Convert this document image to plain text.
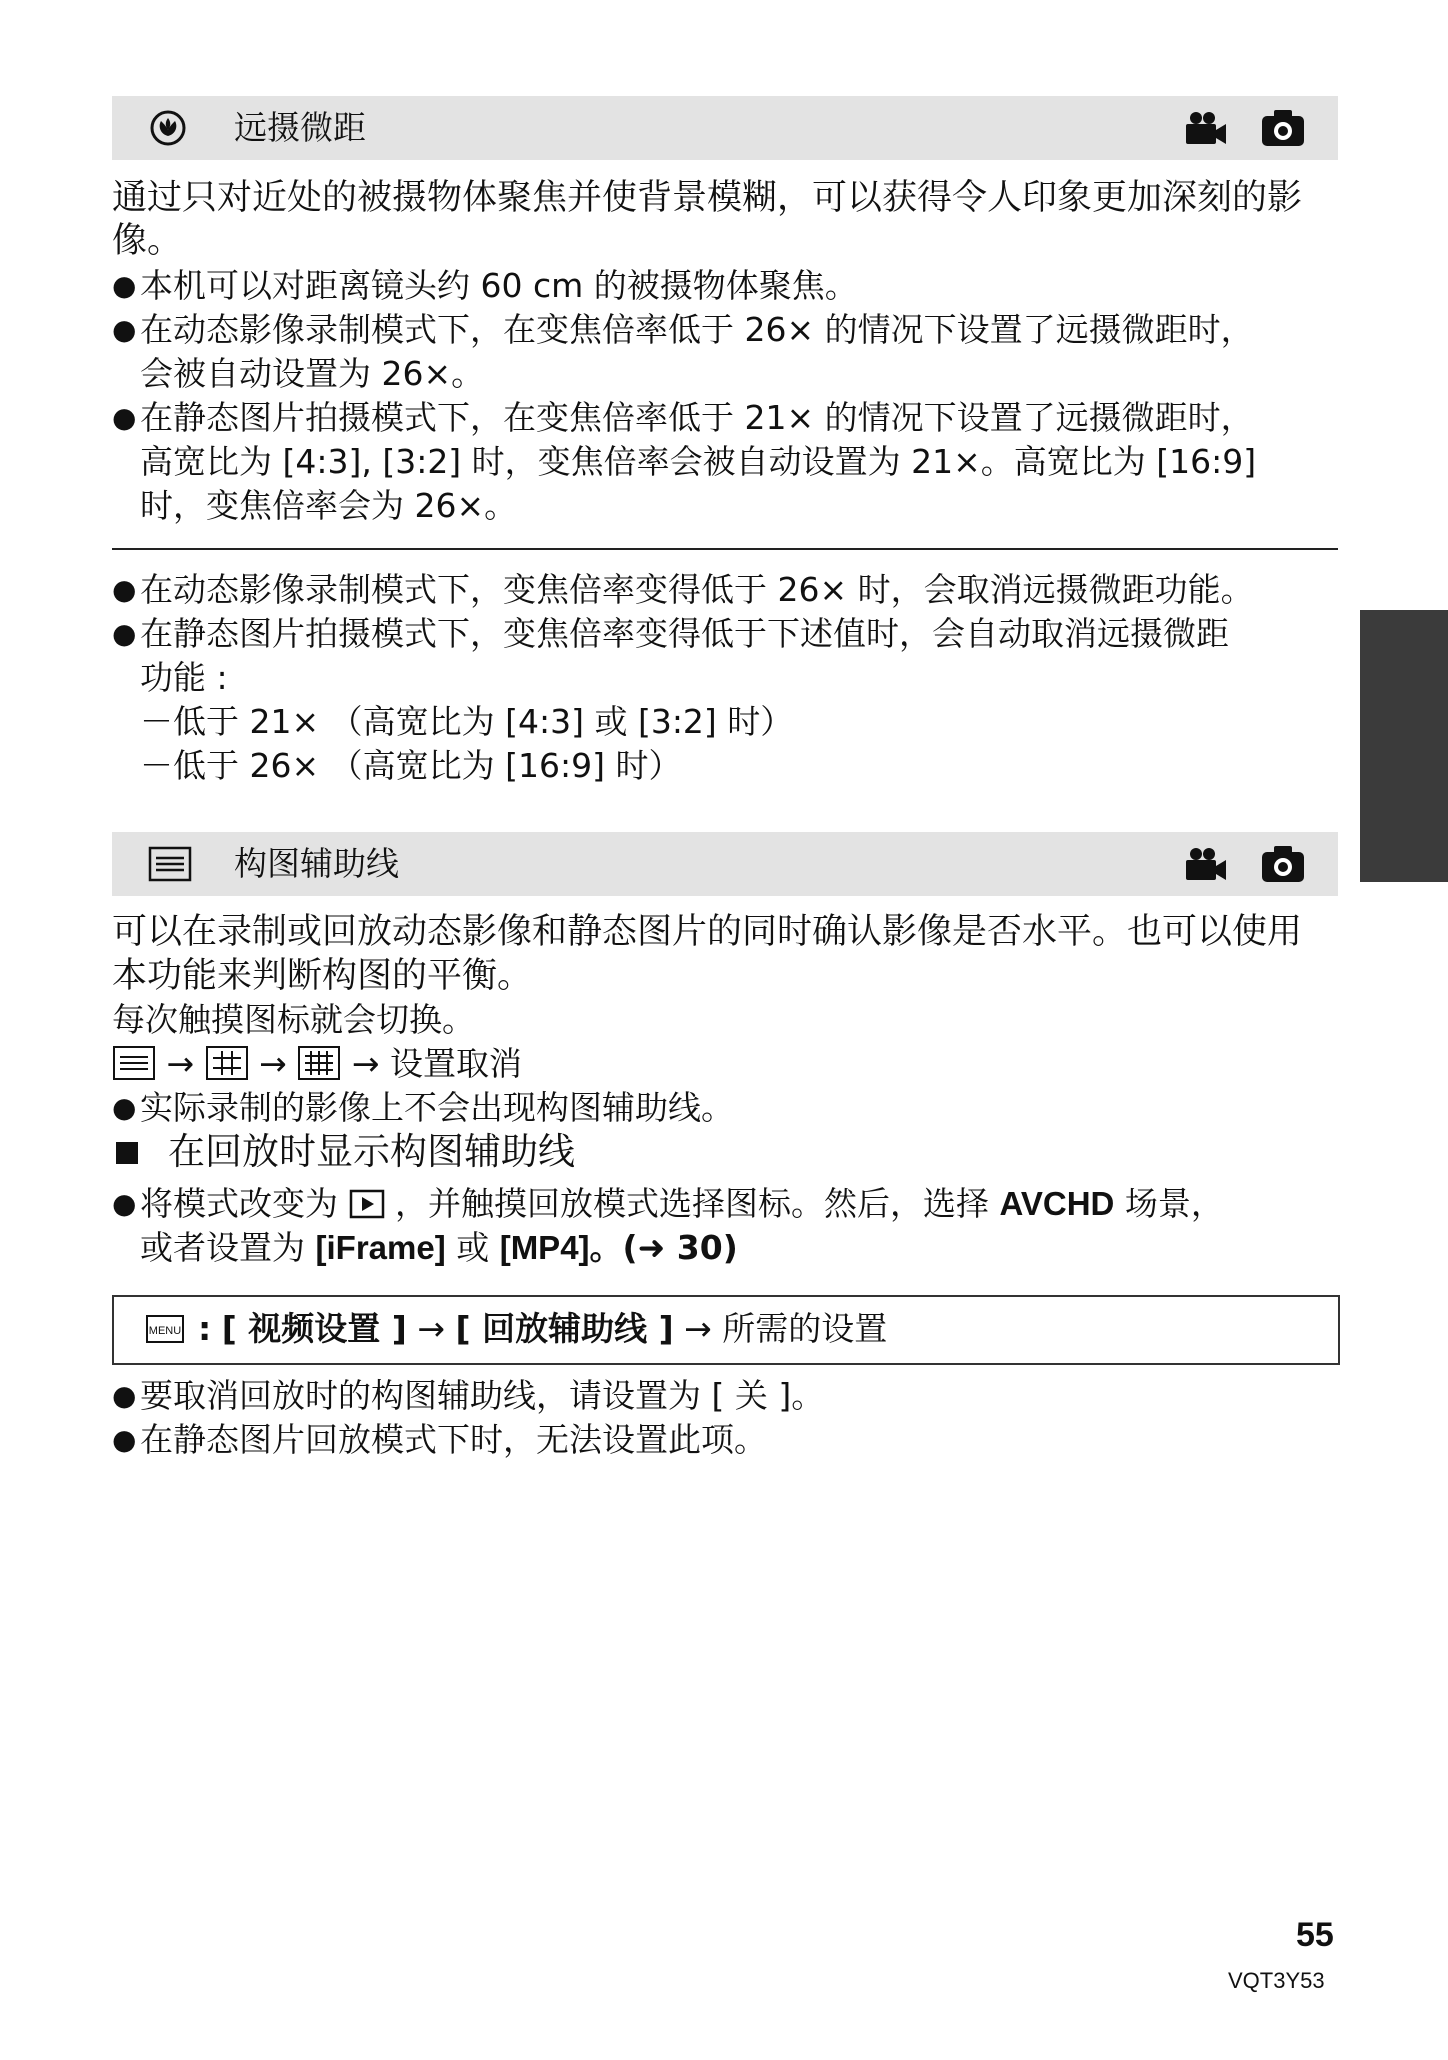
远摄微距
通过只对近处的被摄物体聚焦并使背景模糊，可以获得令人印象更加深刻的影
像。
● 本机可以对距离镜头约 60 cm 的被摄物体聚焦。
● 在动态影像录制模式下，在变焦倍率低于 26× 的情况下设置了远摄微距时，
会被自动设置为 26×。
● 在静态图片拍摄模式下，在变焦倍率低于 21× 的情况下设置了远摄微距时，
高宽比为 [4:3], [3:2] 时，变焦倍率会被自动设置为 21×。高宽比为 [16:9]
时，变焦倍率会为 26×。
● 在动态影像录制模式下，变焦倍率变得低于 26× 时，会取消远摄微距功能。
● 在静态图片拍摄模式下，变焦倍率变得低于下述值时，会自动取消远摄微距
功能 :
－低于 21× （高宽比为 [4:3] 或 [3:2] 时）
－低于 26× （高宽比为 [16:9] 时）
构图辅助线
可以在录制或回放动态影像和静态图片的同时确认影像是否水平。也可以使用
本功能来判断构图的平衡。
每次触摸图标就会切换。
→ → → 设置取消
● 实际录制的影像上不会出现构图辅助线。
在回放时显示构图辅助线
● 将模式改变为 ，并触摸回放模式选择图标。然后，选择 AVCHD 场景，
或者设置为 [iFrame] 或 [MP4]。(➜ 30)
MENU : [ 视频设置 ] → [ 回放辅助线 ] → 所需的设置
● 要取消回放时的构图辅助线，请设置为 [ 关 ]。
● 在静态图片回放模式下时，无法设置此项。
55
VQT3Y53
